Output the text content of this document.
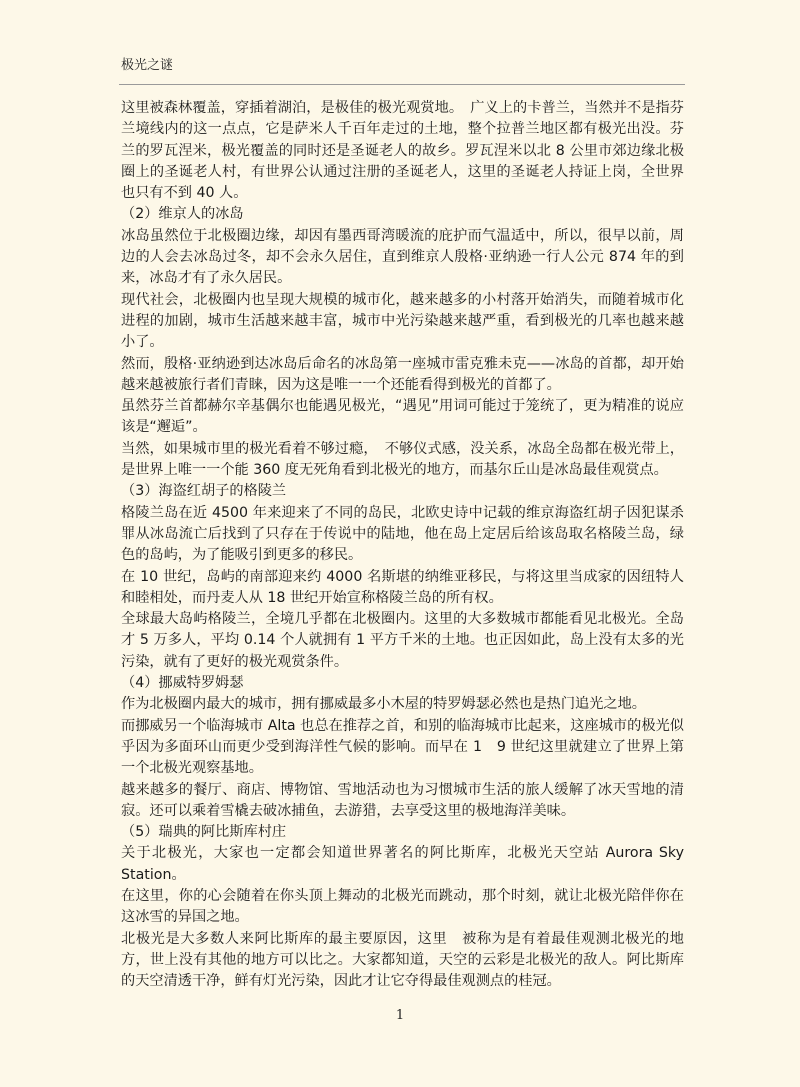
极光之谜

这里被森林覆盖，穿插着湖泊，是极佳的极光观赏地。　广义上的卡普兰，当然并不是指芬兰境线内的这一点点，它是萨米人千百年走过的土地，整个拉普兰地区都有极光出没。芬兰的罗瓦涅米，极光覆盖的同时还是圣诞老人的故乡。罗瓦涅米以北 8 公里市郊边缘北极圈上的圣诞老人村，有世界公认通过注册的圣诞老人，这里的圣诞老人持证上岗，全世界也只有不到 40 人。

（2）维京人的冰岛

冰岛虽然位于北极圈边缘，却因有墨西哥湾暖流的庇护而气温适中，所以，很早以前，周边的人会去冰岛过冬，却不会永久居住，直到维京人殷格·亚纳逊一行人公元 874 年的到来，冰岛才有了永久居民。

现代社会，北极圈内也呈现大规模的城市化，越来越多的小村落开始消失，而随着城市化进程的加剧，城市生活越来越丰富，城市中光污染越来越严重，看到极光的几率也越来越小了。

然而，殷格·亚纳逊到达冰岛后命名的冰岛第一座城市雷克雅未克——冰岛的首都，却开始越来越被旅行者们青睐，因为这是唯一一个还能看得到极光的首都了。

虽然芬兰首都赫尔辛基偶尔也能遇见极光，“遇见”用词可能过于笼统了，更为精准的说应该是“邂逅”。

当然，如果城市里的极光看着不够过瘾，　不够仪式感，没关系，冰岛全岛都在极光带上，是世界上唯一一个能 360 度无死角看到北极光的地方，而基尔丘山是冰岛最佳观赏点。

（3）海盗红胡子的格陵兰

格陵兰岛在近 4500 年来迎来了不同的岛民，北欧史诗中记载的维京海盗红胡子因犯谋杀罪从冰岛流亡后找到了只存在于传说中的陆地，他在岛上定居后给该岛取名格陵兰岛，绿色的岛屿，为了能吸引到更多的移民。

在 10 世纪，岛屿的南部迎来约 4000 名斯堪的纳维亚移民，与将这里当成家的因纽特人和睦相处，而丹麦人从 18 世纪开始宣称格陵兰岛的所有权。

全球最大岛屿格陵兰，全境几乎都在北极圈内。这里的大多数城市都能看见北极光。全岛才 5 万多人，平均 0.14 个人就拥有 1 平方千米的土地。也正因如此，岛上没有太多的光污染，就有了更好的极光观赏条件。

（4）挪威特罗姆瑟

作为北极圈内最大的城市，拥有挪威最多小木屋的特罗姆瑟必然也是热门追光之地。

而挪威另一个临海城市 Alta 也总在推荐之首，和别的临海城市比起来，这座城市的极光似乎因为多面环山而更少受到海洋性气候的影响。而早在 1　9 世纪这里就建立了世界上第一个北极光观察基地。

越来越多的餐厅、商店、博物馆、雪地活动也为习惯城市生活的旅人缓解了冰天雪地的清寂。还可以乘着雪橇去破冰捕鱼，去游猎，去享受这里的极地海洋美味。

（5）瑞典的阿比斯库村庄

关于北极光，大家也一定都会知道世界著名的阿比斯库，北极光天空站 Aurora Sky Station。

在这里，你的心会随着在你头顶上舞动的北极光而跳动，那个时刻，就让北极光陪伴你在这冰雪的异国之地。

北极光是大多数人来阿比斯库的最主要原因，这里　被称为是有着最佳观测北极光的地方，世上没有其他的地方可以比之。大家都知道，天空的云彩是北极光的敌人。阿比斯库的天空清透干净，鲜有灯光污染，因此才让它夺得最佳观测点的桂冠。

1
